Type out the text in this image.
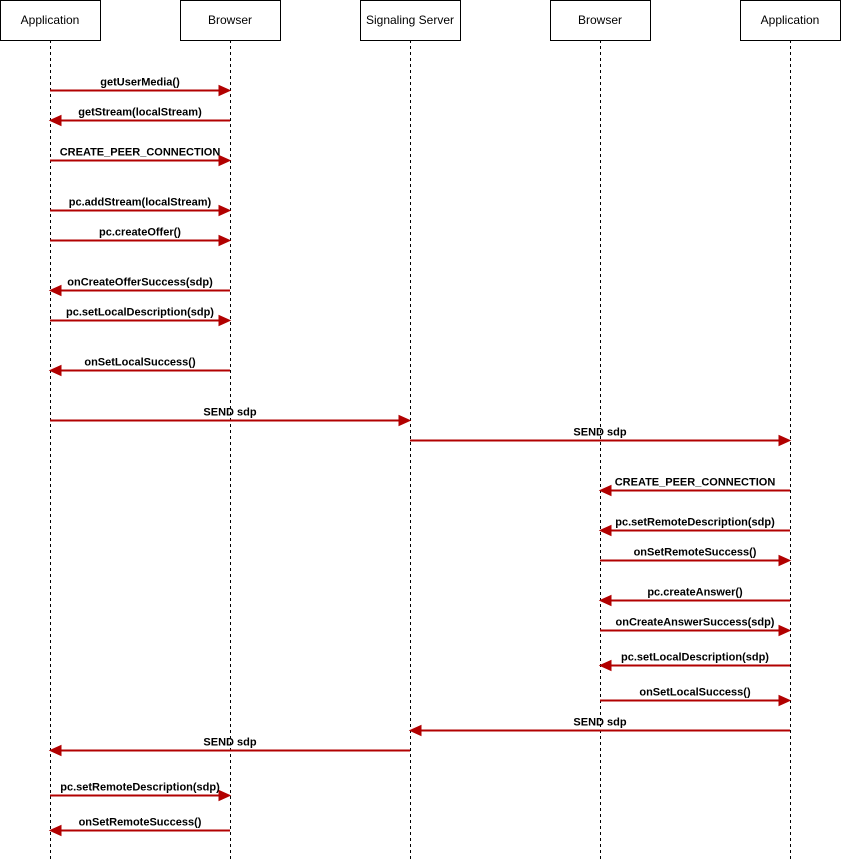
Application	Browser	Signaling Server	Browser	Application
getUserMedia()
getStream(localStream)
CREATE_PEER_CONNECTION
pc.addStream(localStream)
pc.createOffer()
onCreateOfferSuccess(sdp)
pc.setLocalDescription(sdp)
onSetLocalSuccess()
SEND sdp
SEND sdp
CREATE_PEER_CONNECTION
pc.setRemoteDescription(sdp)
onSetRemoteSuccess()
pc.createAnswer()
onCreateAnswerSuccess(sdp)
pc.setLocalDescription(sdp)
onSetLocalSuccess()
SEND sdp
SEND sdp
pc.setRemoteDescription(sdp)
onSetRemoteSuccess()
